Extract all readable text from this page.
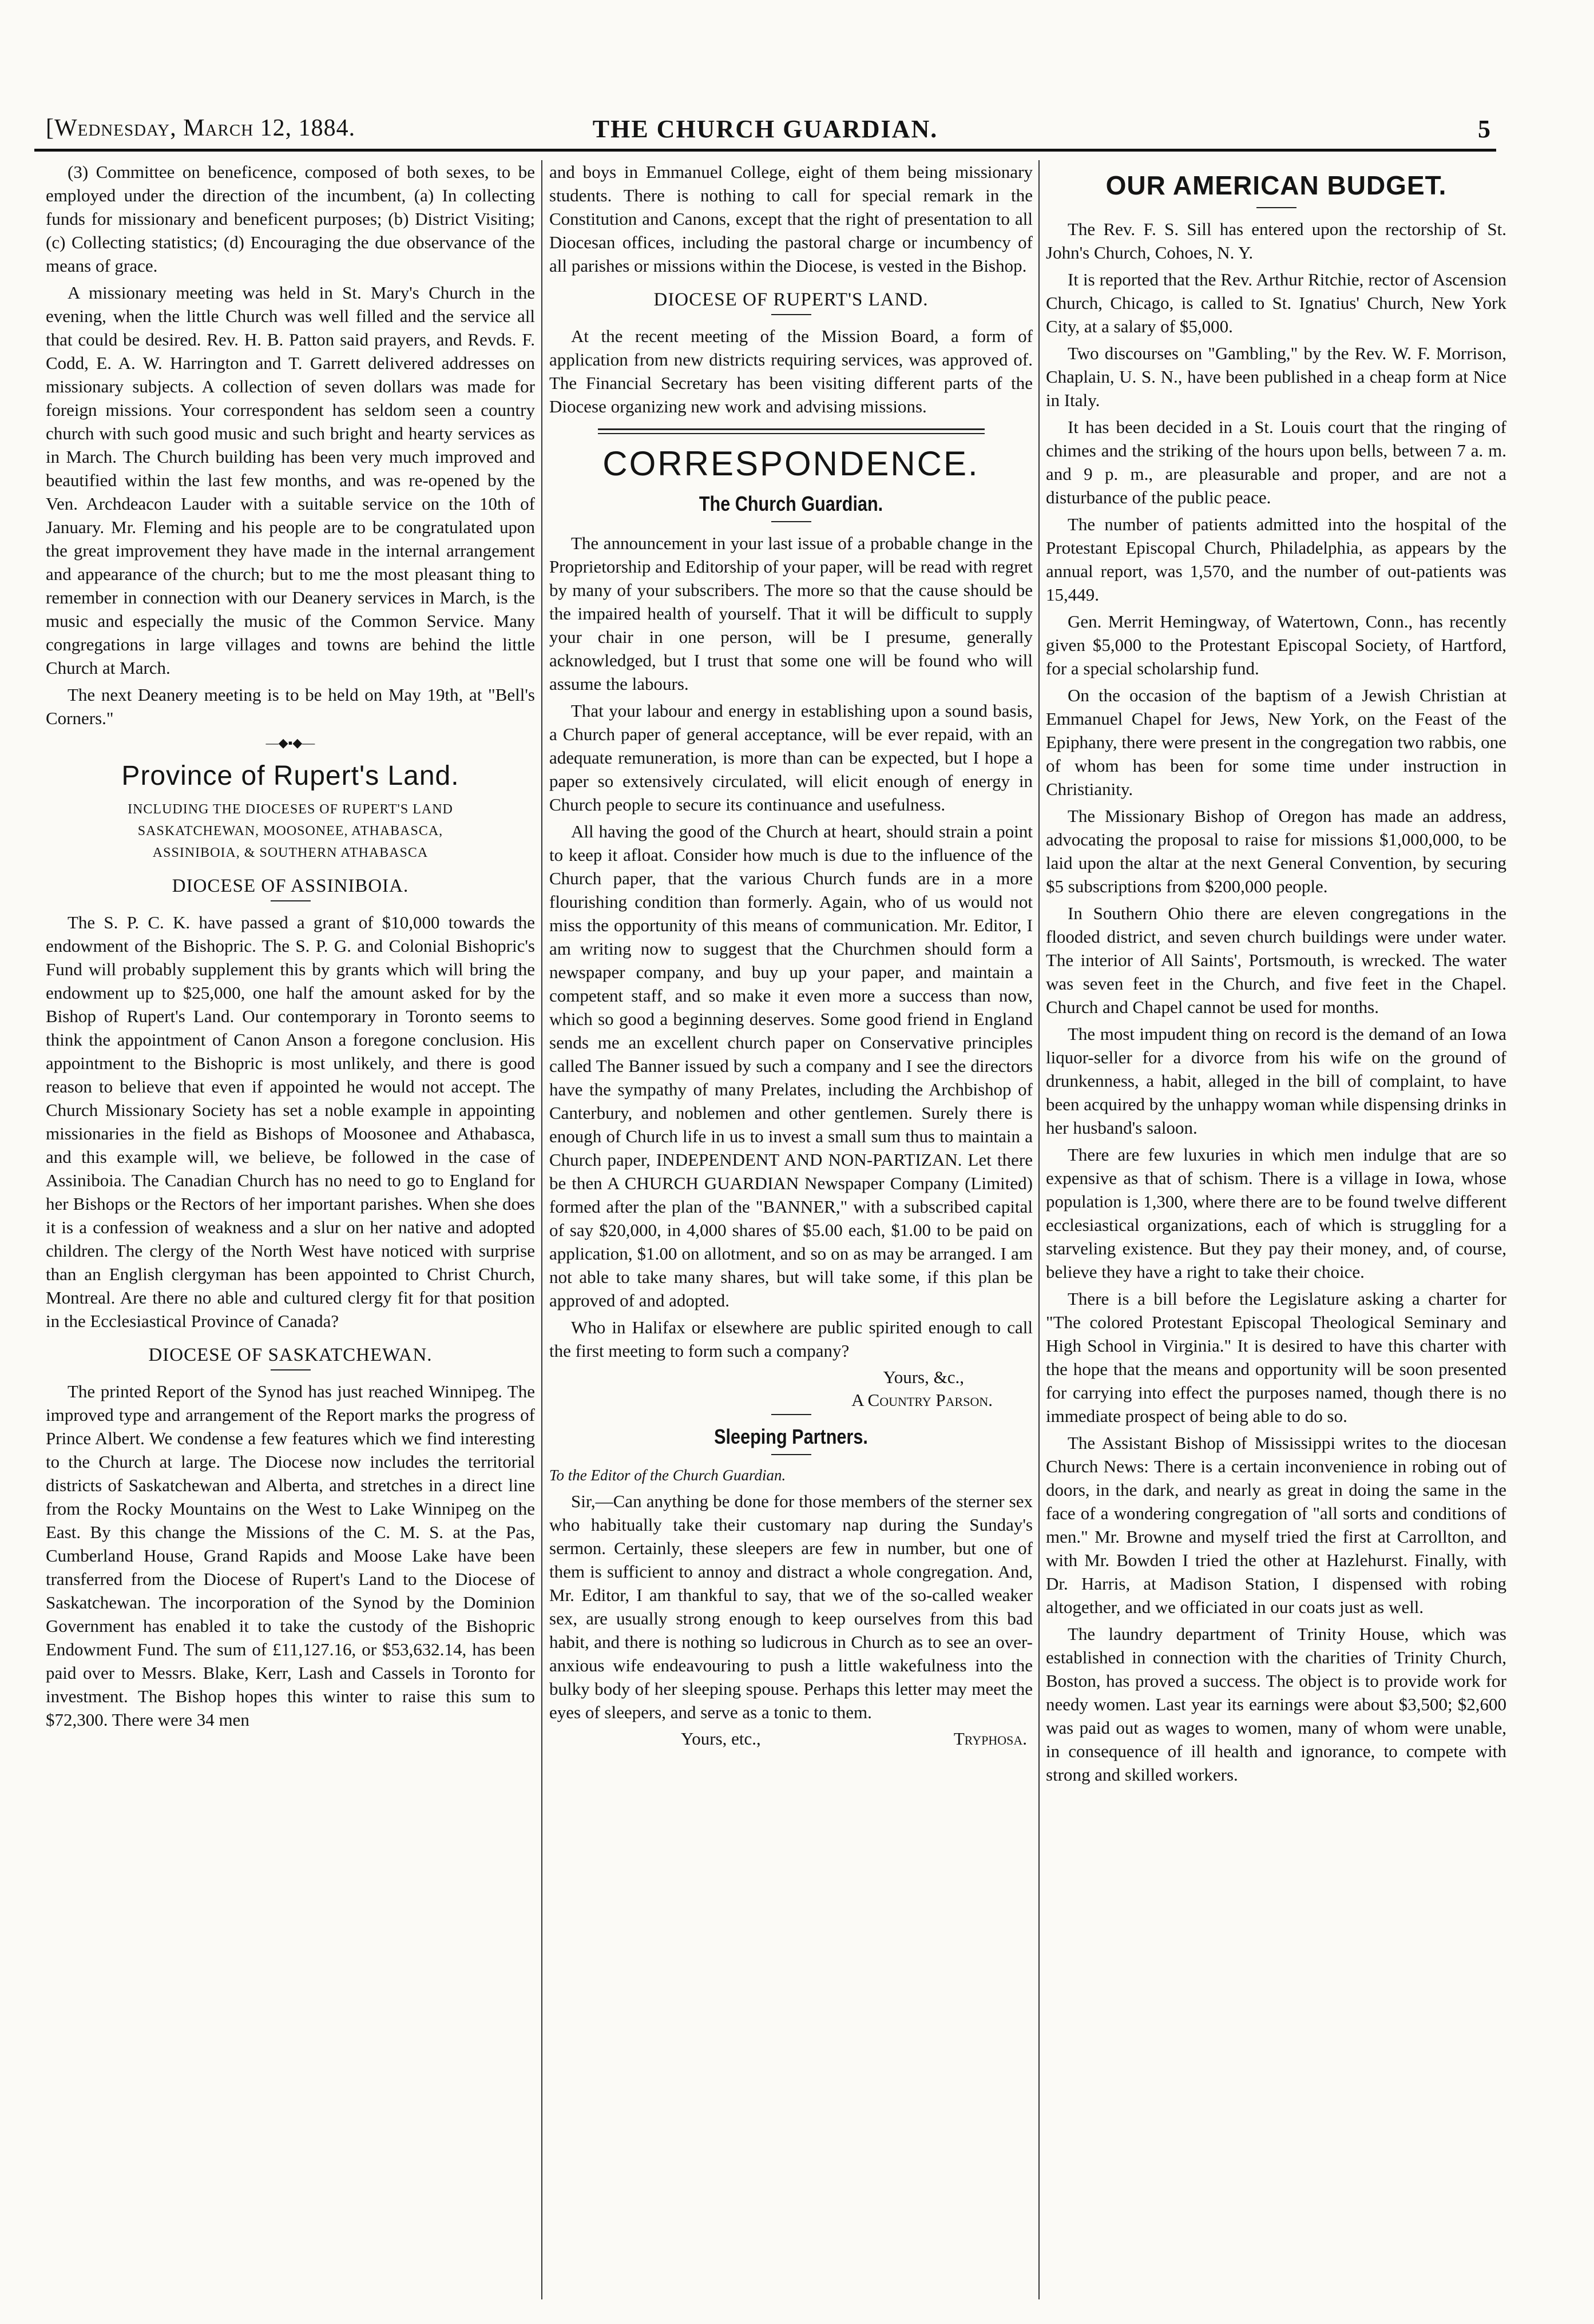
[Wednesday, March 12, 1884.	THE CHURCH GUARDIAN.	5

(3) Committee on beneficence, composed of both sexes, to be employed under the direction of the incumbent, (a) In collecting funds for missionary and beneficent purposes; (b) District Visiting; (c) Collecting statistics; (d) Encouraging the due observance of the means of grace.

A missionary meeting was held in St. Mary's Church in the evening, when the little Church was well filled and the service all that could be desired. Rev. H. B. Patton said prayers, and Revds. F. Codd, E. A. W. Harrington and T. Garrett delivered addresses on missionary subjects. A collection of seven dollars was made for foreign missions. Your correspondent has seldom seen a country church with such good music and such bright and hearty services as in March. The Church building has been very much improved and beautified within the last few months, and was re-opened by the Ven. Archdeacon Lauder with a suitable service on the 10th of January. Mr. Fleming and his people are to be congratulated upon the great improvement they have made in the internal arrangement and appearance of the church; but to me the most pleasant thing to remember in connection with our Deanery services in March, is the music and especially the music of the Common Service. Many congregations in large villages and towns are behind the little Church at March.

The next Deanery meeting is to be held on May 19th, at "Bell's Corners."

—◆▪◆—
Province of Rupert's Land.
INCLUDING THE DIOCESES OF RUPERT'S LAND
SASKATCHEWAN, MOOSONEE, ATHABASCA,
ASSINIBOIA, & SOUTHERN ATHABASCA
DIOCESE OF ASSINIBOIA.

The S. P. C. K. have passed a grant of $10,000 towards the endowment of the Bishopric. The S. P. G. and Colonial Bishopric's Fund will probably supplement this by grants which will bring the endowment up to $25,000, one half the amount asked for by the Bishop of Rupert's Land. Our contemporary in Toronto seems to think the appointment of Canon Anson a foregone conclusion. His appointment to the Bishopric is most unlikely, and there is good reason to believe that even if appointed he would not accept. The Church Missionary Society has set a noble example in appointing missionaries in the field as Bishops of Moosonee and Athabasca, and this example will, we believe, be followed in the case of Assiniboia. The Canadian Church has no need to go to England for her Bishops or the Rectors of her important parishes. When she does it is a confession of weakness and a slur on her native and adopted children. The clergy of the North West have noticed with surprise than an English clergyman has been appointed to Christ Church, Montreal. Are there no able and cultured clergy fit for that position in the Ecclesiastical Province of Canada?

DIOCESE OF SASKATCHEWAN.

The printed Report of the Synod has just reached Winnipeg. The improved type and arrangement of the Report marks the progress of Prince Albert. We condense a few features which we find interesting to the Church at large. The Diocese now includes the territorial districts of Saskatchewan and Alberta, and stretches in a direct line from the Rocky Mountains on the West to Lake Winnipeg on the East. By this change the Missions of the C. M. S. at the Pas, Cumberland House, Grand Rapids and Moose Lake have been transferred from the Diocese of Rupert's Land to the Diocese of Saskatchewan. The incorporation of the Synod by the Dominion Government has enabled it to take the custody of the Bishopric Endowment Fund. The sum of £11,127.16, or $53,632.14, has been paid over to Messrs. Blake, Kerr, Lash and Cassels in Toronto for investment. The Bishop hopes this winter to raise this sum to $72,300. There were 34 men

and boys in Emmanuel College, eight of them being missionary students. There is nothing to call for special remark in the Constitution and Canons, except that the right of presentation to all Diocesan offices, including the pastoral charge or incumbency of all parishes or missions within the Diocese, is vested in the Bishop.

DIOCESE OF RUPERT'S LAND.

At the recent meeting of the Mission Board, a form of application from new districts requiring services, was approved of. The Financial Secretary has been visiting different parts of the Diocese organizing new work and advising missions.

CORRESPONDENCE.
The Church Guardian.

The announcement in your last issue of a probable change in the Proprietorship and Editorship of your paper, will be read with regret by many of your subscribers. The more so that the cause should be the impaired health of yourself. That it will be difficult to supply your chair in one person, will be I presume, generally acknowledged, but I trust that some one will be found who will assume the labours.

That your labour and energy in establishing upon a sound basis, a Church paper of general acceptance, will be ever repaid, with an adequate remuneration, is more than can be expected, but I hope a paper so extensively circulated, will elicit enough of energy in Church people to secure its continuance and usefulness.

All having the good of the Church at heart, should strain a point to keep it afloat. Consider how much is due to the influence of the Church paper, that the various Church funds are in a more flourishing condition than formerly. Again, who of us would not miss the opportunity of this means of communication. Mr. Editor, I am writing now to suggest that the Churchmen should form a newspaper company, and buy up your paper, and maintain a competent staff, and so make it even more a success than now, which so good a beginning deserves. Some good friend in England sends me an excellent church paper on Conservative principles called The Banner issued by such a company and I see the directors have the sympathy of many Prelates, including the Archbishop of Canterbury, and noblemen and other gentlemen. Surely there is enough of Church life in us to invest a small sum thus to maintain a Church paper, INDEPENDENT AND NON-PARTIZAN. Let there be then A CHURCH GUARDIAN Newspaper Company (Limited) formed after the plan of the "BANNER," with a subscribed capital of say $20,000, in 4,000 shares of $5.00 each, $1.00 to be paid on application, $1.00 on allotment, and so on as may be arranged. I am not able to take many shares, but will take some, if this plan be approved of and adopted.

Who in Halifax or elsewhere are public spirited enough to call the first meeting to form such a company?

Yours, &c.,
A Country Parson.
Sleeping Partners.
To the Editor of the Church Guardian.

Sir,—Can anything be done for those members of the sterner sex who habitually take their customary nap during the Sunday's sermon. Certainly, these sleepers are few in number, but one of them is sufficient to annoy and distract a whole congregation. And, Mr. Editor, I am thankful to say, that we of the so-called weaker sex, are usually strong enough to keep ourselves from this bad habit, and there is nothing so ludicrous in Church as to see an over-anxious wife endeavouring to push a little wakefulness into the bulky body of her sleeping spouse. Perhaps this letter may meet the eyes of sleepers, and serve as a tonic to them.

Yours, etc.,	Tryphosa.
OUR AMERICAN BUDGET.

The Rev. F. S. Sill has entered upon the rectorship of St. John's Church, Cohoes, N. Y.

It is reported that the Rev. Arthur Ritchie, rector of Ascension Church, Chicago, is called to St. Ignatius' Church, New York City, at a salary of $5,000.

Two discourses on "Gambling," by the Rev. W. F. Morrison, Chaplain, U. S. N., have been published in a cheap form at Nice in Italy.

It has been decided in a St. Louis court that the ringing of chimes and the striking of the hours upon bells, between 7 a. m. and 9 p. m., are pleasurable and proper, and are not a disturbance of the public peace.

The number of patients admitted into the hospital of the Protestant Episcopal Church, Philadelphia, as appears by the annual report, was 1,570, and the number of out-patients was 15,449.

Gen. Merrit Hemingway, of Watertown, Conn., has recently given $5,000 to the Protestant Episcopal Society, of Hartford, for a special scholarship fund.

On the occasion of the baptism of a Jewish Christian at Emmanuel Chapel for Jews, New York, on the Feast of the Epiphany, there were present in the congregation two rabbis, one of whom has been for some time under instruction in Christianity.

The Missionary Bishop of Oregon has made an address, advocating the proposal to raise for missions $1,000,000, to be laid upon the altar at the next General Convention, by securing $5 subscriptions from $200,000 people.

In Southern Ohio there are eleven congregations in the flooded district, and seven church buildings were under water. The interior of All Saints', Portsmouth, is wrecked. The water was seven feet in the Church, and five feet in the Chapel. Church and Chapel cannot be used for months.

The most impudent thing on record is the demand of an Iowa liquor-seller for a divorce from his wife on the ground of drunkenness, a habit, alleged in the bill of complaint, to have been acquired by the unhappy woman while dispensing drinks in her husband's saloon.

There are few luxuries in which men indulge that are so expensive as that of schism. There is a village in Iowa, whose population is 1,300, where there are to be found twelve different ecclesiastical organizations, each of which is struggling for a starveling existence. But they pay their money, and, of course, believe they have a right to take their choice.

There is a bill before the Legislature asking a charter for "The colored Protestant Episcopal Theological Seminary and High School in Virginia." It is desired to have this charter with the hope that the means and opportunity will be soon presented for carrying into effect the purposes named, though there is no immediate prospect of being able to do so.

The Assistant Bishop of Mississippi writes to the diocesan Church News: There is a certain inconvenience in robing out of doors, in the dark, and nearly as great in doing the same in the face of a wondering congregation of "all sorts and conditions of men." Mr. Browne and myself tried the first at Carrollton, and with Mr. Bowden I tried the other at Hazlehurst. Finally, with Dr. Harris, at Madison Station, I dispensed with robing altogether, and we officiated in our coats just as well.

The laundry department of Trinity House, which was established in connection with the charities of Trinity Church, Boston, has proved a success. The object is to provide work for needy women. Last year its earnings were about $3,500; $2,600 was paid out as wages to women, many of whom were unable, in consequence of ill health and ignorance, to compete with strong and skilled workers.
